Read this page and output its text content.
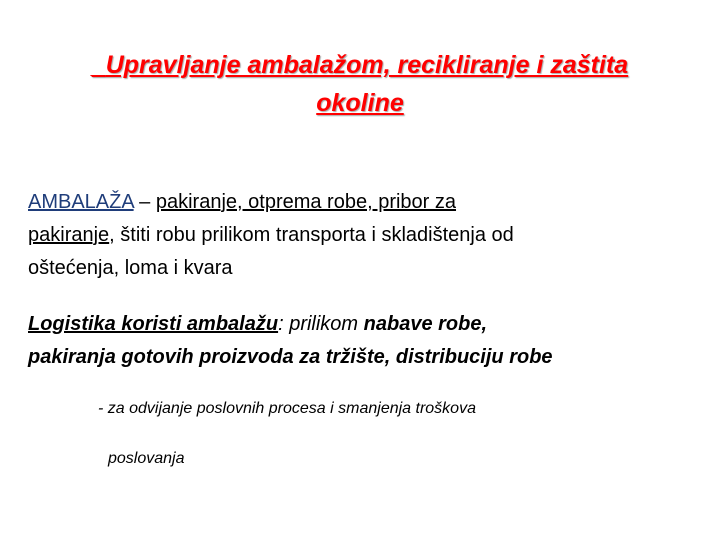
_Upravljanje ambalažom, recikliranje i zaštita
okoline
AMBALAŽA – pakiranje, otprema robe, pribor za
pakiranje, štiti robu prilikom transporta i skladištenja od
oštećenja, loma i kvara
Logistika koristi ambalažu: prilikom nabave robe,
pakiranja gotovih proizvoda za tržište, distribuciju robe
- za odvijanje poslovnih procesa i smanjenja troškova
poslovanja
